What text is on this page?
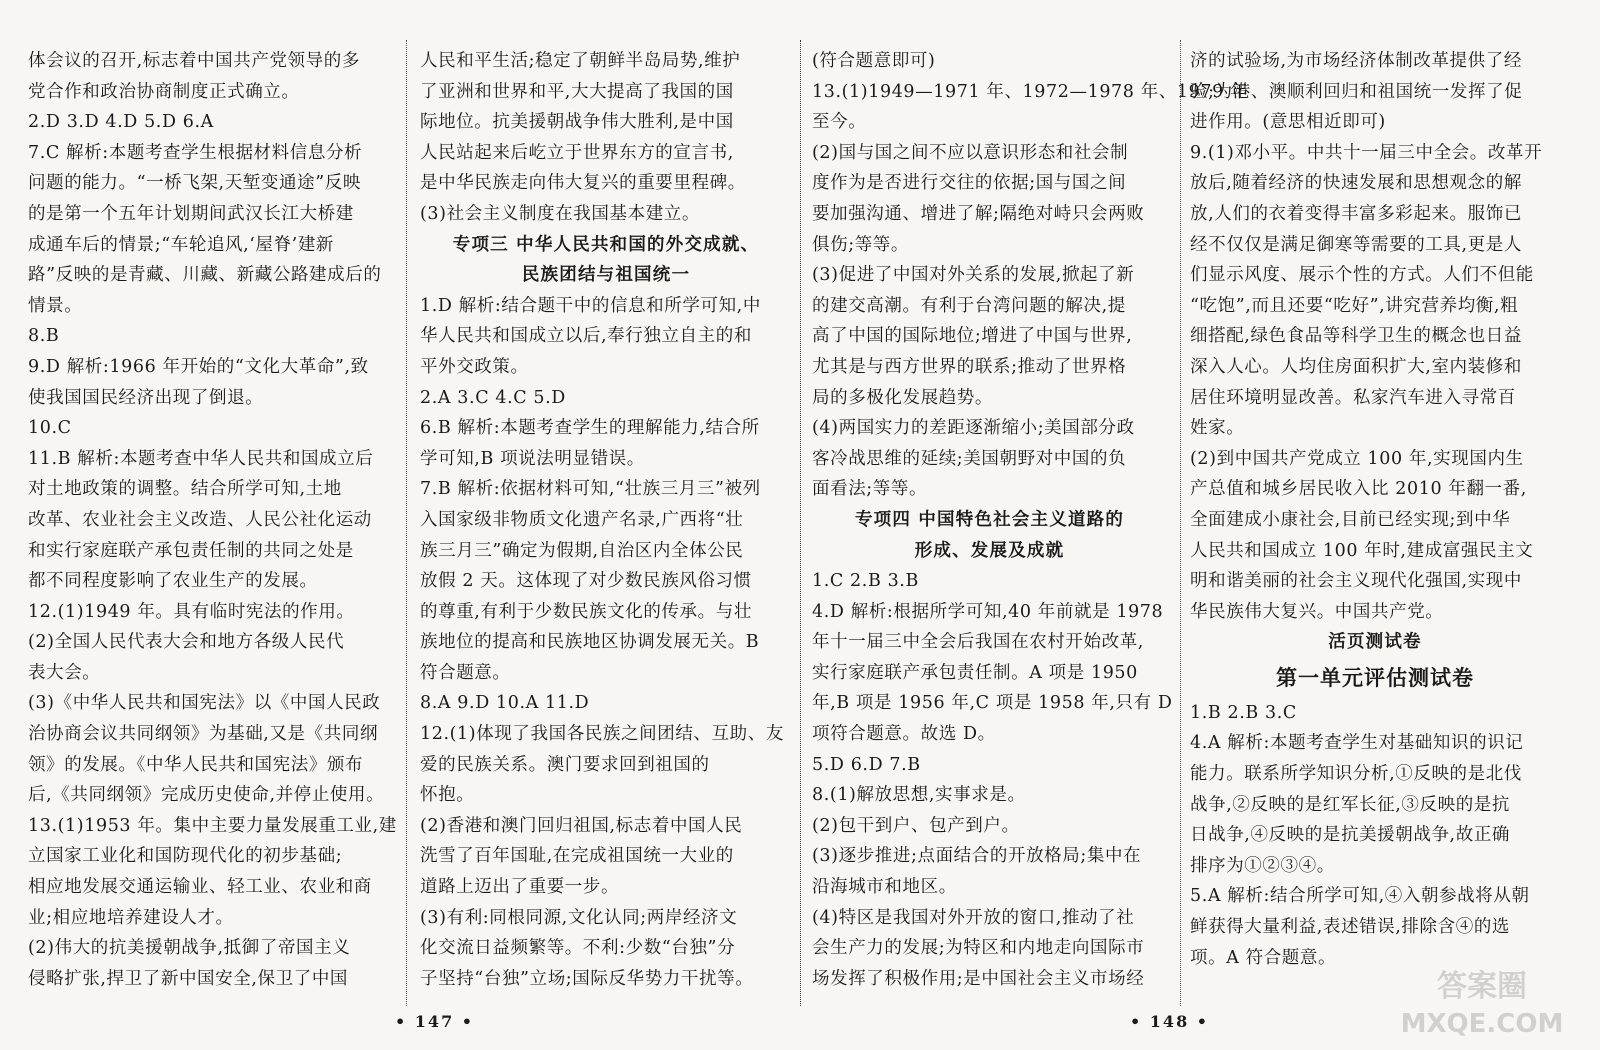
体会议的召开,标志着中国共产党领导的多

党合作和政治协商制度正式确立。

2.D 3.D 4.D 5.D 6.A

7.C 解析:本题考查学生根据材料信息分析

问题的能力。“一桥飞架,天堑变通途”反映

的是第一个五年计划期间武汉长江大桥建

成通车后的情景;“车轮追风,‘屋脊’建新

路”反映的是青藏、川藏、新藏公路建成后的

情景。

8.B

9.D 解析:1966 年开始的“文化大革命”,致

使我国国民经济出现了倒退。

10.C

11.B 解析:本题考查中华人民共和国成立后

对土地政策的调整。结合所学可知,土地

改革、农业社会主义改造、人民公社化运动

和实行家庭联产承包责任制的共同之处是

都不同程度影响了农业生产的发展。

12.(1)1949 年。具有临时宪法的作用。

(2)全国人民代表大会和地方各级人民代

表大会。

(3)《中华人民共和国宪法》以《中国人民政

治协商会议共同纲领》为基础,又是《共同纲

领》的发展。《中华人民共和国宪法》颁布

后,《共同纲领》完成历史使命,并停止使用。

13.(1)1953 年。集中主要力量发展重工业,建

立国家工业化和国防现代化的初步基础;

相应地发展交通运输业、轻工业、农业和商

业;相应地培养建设人才。

(2)伟大的抗美援朝战争,抵御了帝国主义

侵略扩张,捍卫了新中国安全,保卫了中国

人民和平生活;稳定了朝鲜半岛局势,维护

了亚洲和世界和平,大大提高了我国的国

际地位。抗美援朝战争伟大胜利,是中国

人民站起来后屹立于世界东方的宣言书,

是中华民族走向伟大复兴的重要里程碑。

(3)社会主义制度在我国基本建立。

专项三 中华人民共和国的外交成就、

民族团结与祖国统一

1.D 解析:结合题干中的信息和所学可知,中

华人民共和国成立以后,奉行独立自主的和

平外交政策。

2.A 3.C 4.C 5.D

6.B 解析:本题考查学生的理解能力,结合所

学可知,B 项说法明显错误。

7.B 解析:依据材料可知,“壮族三月三”被列

入国家级非物质文化遗产名录,广西将“壮

族三月三”确定为假期,自治区内全体公民

放假 2 天。这体现了对少数民族风俗习惯

的尊重,有利于少数民族文化的传承。与壮

族地位的提高和民族地区协调发展无关。B

符合题意。

8.A 9.D 10.A 11.D

12.(1)体现了我国各民族之间团结、互助、友

爱的民族关系。澳门要求回到祖国的

怀抱。

(2)香港和澳门回归祖国,标志着中国人民

洗雪了百年国耻,在完成祖国统一大业的

道路上迈出了重要一步。

(3)有利:同根同源,文化认同;两岸经济文

化交流日益频繁等。不利:少数“台独”分

子坚持“台独”立场;国际反华势力干扰等。

(符合题意即可)

13.(1)1949—1971 年、1972—1978 年、1979 年

至今。

(2)国与国之间不应以意识形态和社会制

度作为是否进行交往的依据;国与国之间

要加强沟通、增进了解;隔绝对峙只会两败

俱伤;等等。

(3)促进了中国对外关系的发展,掀起了新

的建交高潮。有利于台湾问题的解决,提

高了中国的国际地位;增进了中国与世界,

尤其是与西方世界的联系;推动了世界格

局的多极化发展趋势。

(4)两国实力的差距逐渐缩小;美国部分政

客冷战思维的延续;美国朝野对中国的负

面看法;等等。

专项四 中国特色社会主义道路的

形成、发展及成就

1.C 2.B 3.B

4.D 解析:根据所学可知,40 年前就是 1978

年十一届三中全会后我国在农村开始改革,

实行家庭联产承包责任制。A 项是 1950

年,B 项是 1956 年,C 项是 1958 年,只有 D

项符合题意。故选 D。

5.D 6.D 7.B

8.(1)解放思想,实事求是。

(2)包干到户、包产到户。

(3)逐步推进;点面结合的开放格局;集中在

沿海城市和地区。

(4)特区是我国对外开放的窗口,推动了社

会生产力的发展;为特区和内地走向国际市

场发挥了积极作用;是中国社会主义市场经

济的试验场,为市场经济体制改革提供了经

验;为港、澳顺利回归和祖国统一发挥了促

进作用。(意思相近即可)

9.(1)邓小平。中共十一届三中全会。改革开

放后,随着经济的快速发展和思想观念的解

放,人们的衣着变得丰富多彩起来。服饰已

经不仅仅是满足御寒等需要的工具,更是人

们显示风度、展示个性的方式。人们不但能

“吃饱”,而且还要“吃好”,讲究营养均衡,粗

细搭配,绿色食品等科学卫生的概念也日益

深入人心。人均住房面积扩大,室内装修和

居住环境明显改善。私家汽车进入寻常百

姓家。

(2)到中国共产党成立 100 年,实现国内生

产总值和城乡居民收入比 2010 年翻一番,

全面建成小康社会,目前已经实现;到中华

人民共和国成立 100 年时,建成富强民主文

明和谐美丽的社会主义现代化强国,实现中

华民族伟大复兴。中国共产党。

活页测试卷

第一单元评估测试卷

1.B 2.B 3.C

4.A 解析:本题考查学生对基础知识的识记

能力。联系所学知识分析,①反映的是北伐

战争,②反映的是红军长征,③反映的是抗

日战争,④反映的是抗美援朝战争,故正确

排序为①②③④。

5.A 解析:结合所学可知,④入朝参战将从朝

鲜获得大量利益,表述错误,排除含④的选

项。A 符合题意。

• 147 •	• 148 •
答案圈
MXQE.COM
